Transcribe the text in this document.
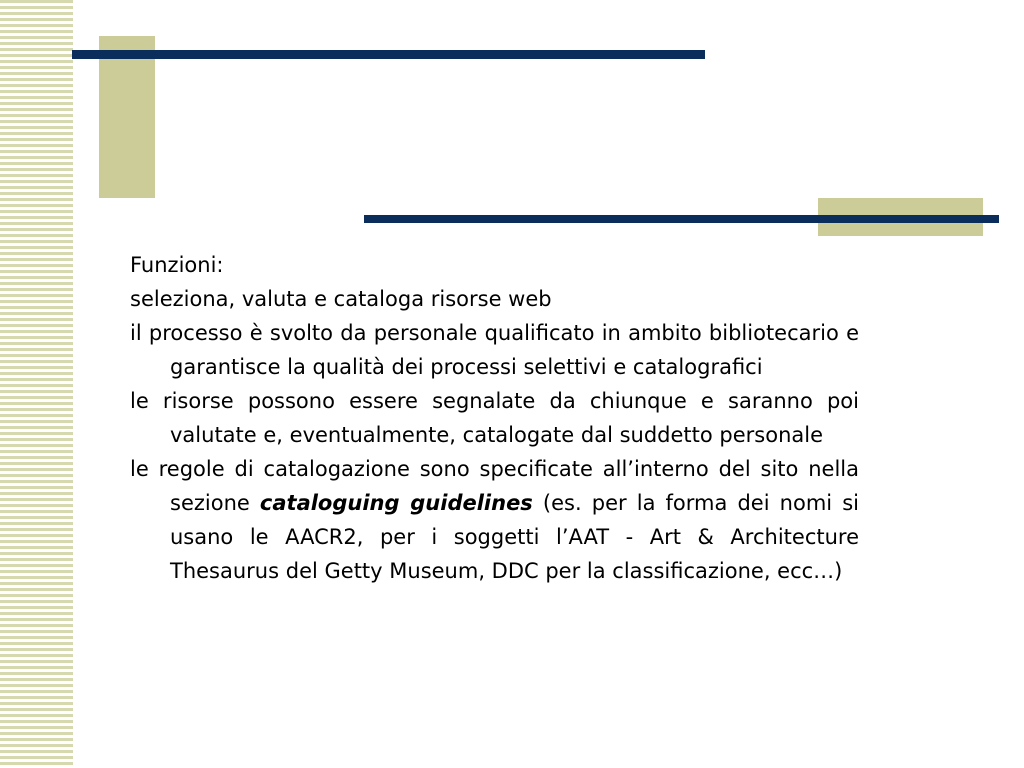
Funzioni:

seleziona, valuta e cataloga risorse web

il processo è svolto da personale qualificato in ambito bibliotecario e garantisce la qualità dei processi selettivi e catalografici

le risorse possono essere segnalate da chiunque e saranno poi valutate e, eventualmente, catalogate dal suddetto personale

le regole di catalogazione sono specificate all’interno del sito nella sezione cataloguing guidelines (es. per la forma dei nomi si usano le AACR2, per i soggetti l’AAT - Art & Architecture Thesaurus del Getty Museum, DDC per la classificazione, ecc…)
